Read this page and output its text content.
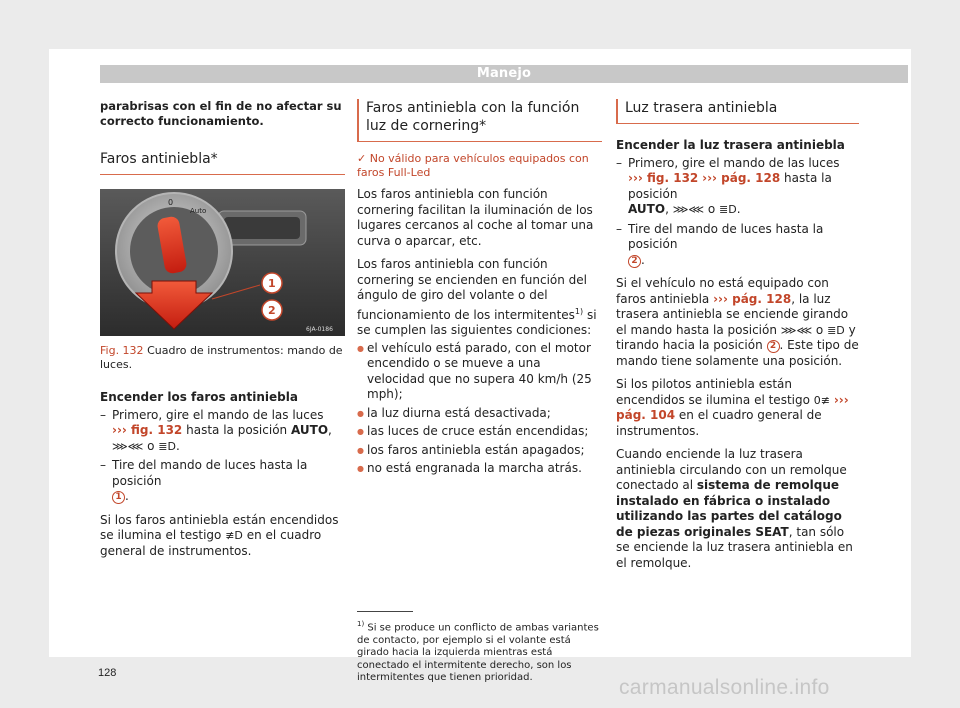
Manejo
parabrisas con el fin de no afectar su correcto funcionamiento.
Faros antiniebla*
0
Auto
1
2
6JA-0186
Fig. 132 Cuadro de instrumentos: mando de luces.
Encender los faros antiniebla
– Primero, gire el mando de las luces
››› fig. 132 hasta la posición AUTO, ⋙⋘ o ≣D.
– Tire del mando de luces hasta la posición
1 .

Si los faros antiniebla están encendidos se ilumina el testigo ≢D en el cuadro general de instrumentos.

Faros antiniebla con la función luz de cornering*
✓ No válido para vehículos equipados con faros Full-Led

Los faros antiniebla con función cornering facilitan la iluminación de los lugares cercanos al coche al tomar una curva o aparcar, etc.

Los faros antiniebla con función cornering se encienden en función del ángulo de giro del volante o del funcionamiento de los intermitentes$^{1)}$ si se cumplen las siguientes condiciones:

● el vehículo está parado, con el motor encendido o se mueve a una velocidad que no supera 40 km/h (25 mph);
● la luz diurna está desactivada;
● las luces de cruce están encendidas;
● los faros antiniebla están apagados;
● no está engranada la marcha atrás.
$^{1)}$ Si se produce un conflicto de ambas variantes de contacto, por ejemplo si el volante está girado hacia la izquierda mientras está conectado el intermitente derecho, son los intermitentes que tienen prioridad.
Luz trasera antiniebla
Encender la luz trasera antiniebla
– Primero, gire el mando de las luces
››› fig. 132 ››› pág. 128 hasta la posición
AUTO, ⋙⋘ o ≣D.
– Tire del mando de luces hasta la posición
2 .

Si el vehículo no está equipado con faros antiniebla ››› pág. 128, la luz trasera antiniebla se enciende girando el mando hasta la posición ⋙⋘ o ≣D y tirando hacia la posición 2 . Este tipo de mando tiene solamente una posición.

Si los pilotos antiniebla están encendidos se ilumina el testigo 0≢ ››› pág. 104 en el cuadro general de instrumentos.

Cuando enciende la luz trasera antiniebla circulando con un remolque conectado al sistema de remolque instalado en fábrica o instalado utilizando las partes del catálogo de piezas originales SEAT, tan sólo se enciende la luz trasera antiniebla en el remolque.

128
carmanualsonline.info
